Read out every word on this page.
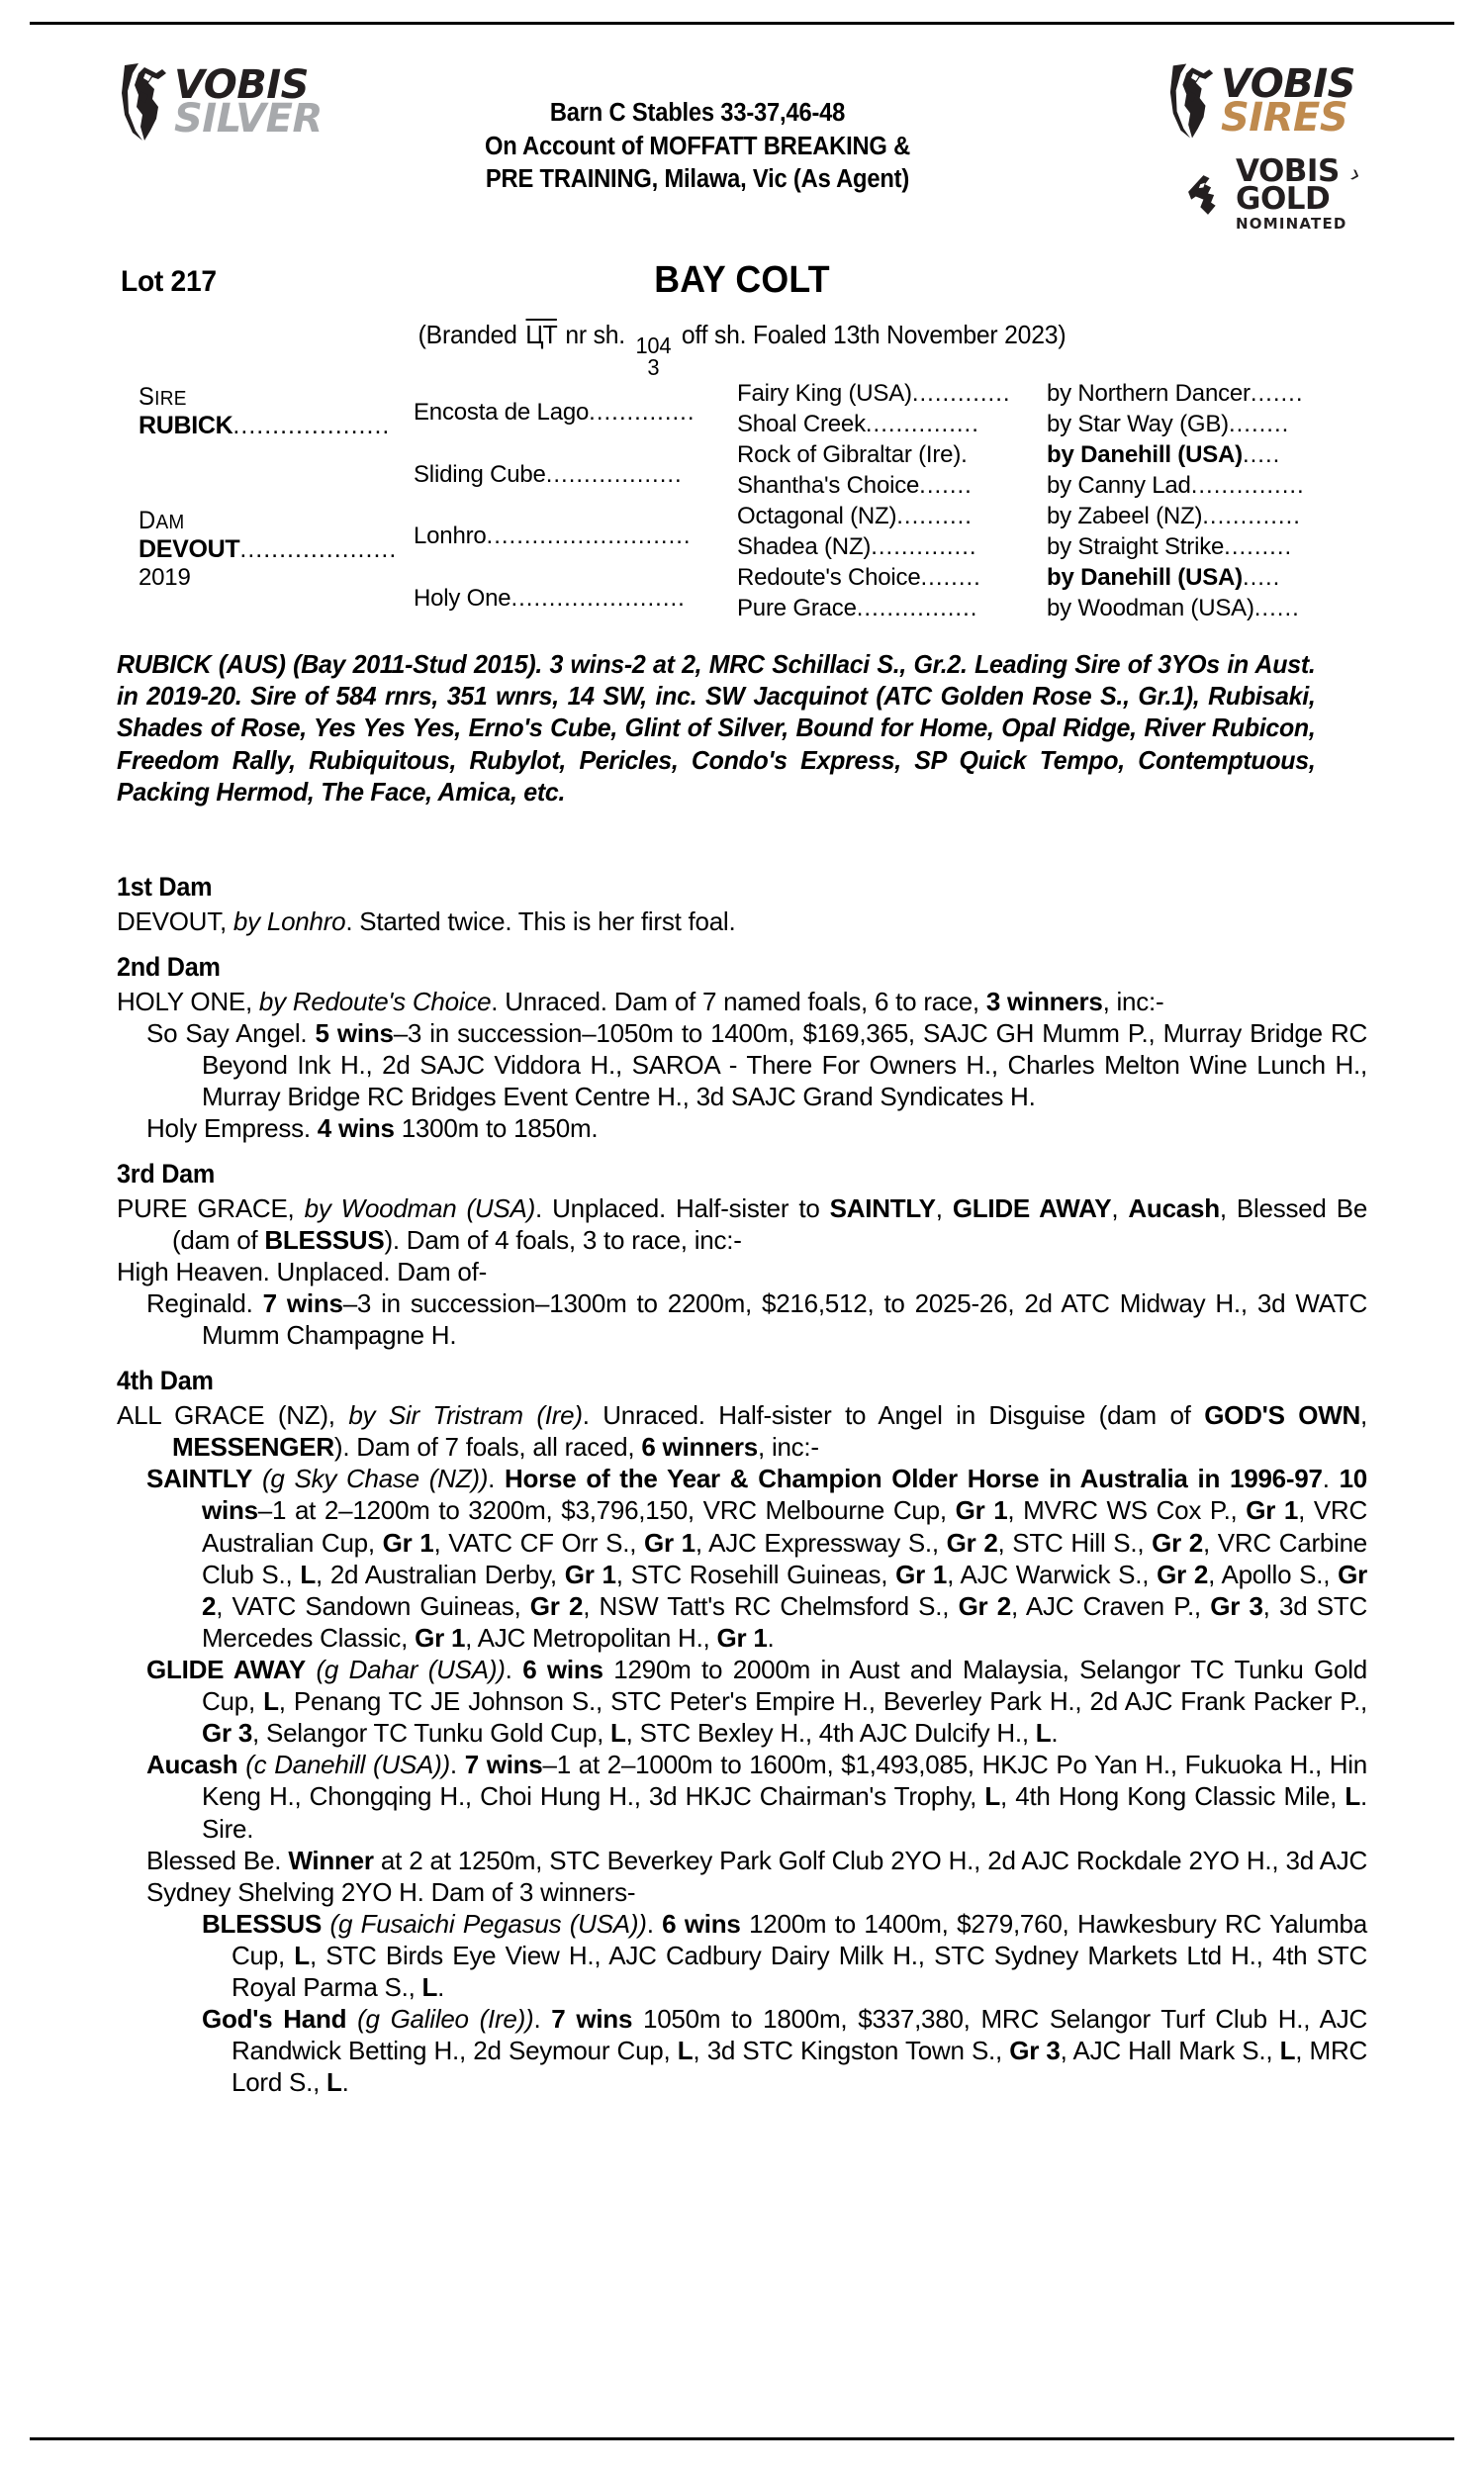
VOBIS
SILVER	Barn C Stables 33-37,46-48
On Account of MOFFATT BREAKING &
PRE TRAINING, Milawa, Vic (As Agent)
VOBIS
SIRES
VOBIS
GOLD
NOMINATED
›
Lot 217	BAY COLT
(Branded ЦT nr sh. 104
3
off sh. Foaled 13th November 2023)
SIRE
RUBICK....................
DAM
DEVOUT....................
2019
Encosta de Lago..............
Sliding Cube..................
Lonhro...........................
Holy One.......................
Fairy King (USA).............
Shoal Creek...............
Rock of Gibraltar (Ire).
Shantha's Choice.......
Octagonal (NZ)..........
Shadea (NZ)..............
Redoute's Choice........
Pure Grace................
by Northern Dancer.......
by Star Way (GB)........
by Danehill (USA).....
by Canny Lad...............
by Zabeel (NZ).............
by Straight Strike.........
by Danehill (USA).....
by Woodman (USA)......
RUBICK (AUS) (Bay 2011-Stud 2015). 3 wins-2 at 2, MRC Schillaci S., Gr.2. Leading Sire of 3YOs in Aust. in 2019-20. Sire of 584 rnrs, 351 wnrs, 14 SW, inc. SW Jacquinot (ATC Golden Rose S., Gr.1), Rubisaki, Shades of Rose, Yes Yes Yes, Erno's Cube, Glint of Silver, Bound for Home, Opal Ridge, River Rubicon, Freedom Rally, Rubiquitous, Rubylot, Pericles, Condo's Express, SP Quick Tempo, Contemptuous, Packing Hermod, The Face, Amica, etc.
1st Dam

DEVOUT, by Lonhro. Started twice. This is her first foal.

2nd Dam

HOLY ONE, by Redoute's Choice. Unraced. Dam of 7 named foals, 6 to race, 3 winners, inc:-

So Say Angel. 5 wins–3 in succession–1050m to 1400m, $169,365, SAJC GH Mumm P., Murray Bridge RC Beyond Ink H., 2d SAJC Viddora H., SAROA - There For Owners H., Charles Melton Wine Lunch H., Murray Bridge RC Bridges Event Centre H., 3d SAJC Grand Syndicates H.

Holy Empress. 4 wins 1300m to 1850m.

3rd Dam

PURE GRACE, by Woodman (USA). Unplaced. Half-sister to SAINTLY, GLIDE AWAY, Aucash, Blessed Be (dam of BLESSUS). Dam of 4 foals, 3 to race, inc:-

High Heaven. Unplaced. Dam of-

Reginald. 7 wins–3 in succession–1300m to 2200m, $216,512, to 2025-26, 2d ATC Midway H., 3d WATC Mumm Champagne H.

4th Dam

ALL GRACE (NZ), by Sir Tristram (Ire). Unraced. Half-sister to Angel in Disguise (dam of GOD'S OWN, MESSENGER). Dam of 7 foals, all raced, 6 winners, inc:-

SAINTLY (g Sky Chase (NZ)). Horse of the Year & Champion Older Horse in Australia in 1996-97. 10 wins–1 at 2–1200m to 3200m, $3,796,150, VRC Melbourne Cup, Gr 1, MVRC WS Cox P., Gr 1, VRC Australian Cup, Gr 1, VATC CF Orr S., Gr 1, AJC Expressway S., Gr 2, STC Hill S., Gr 2, VRC Carbine Club S., L, 2d Australian Derby, Gr 1, STC Rosehill Guineas, Gr 1, AJC Warwick S., Gr 2, Apollo S., Gr 2, VATC Sandown Guineas, Gr 2, NSW Tatt's RC Chelmsford S., Gr 2, AJC Craven P., Gr 3, 3d STC Mercedes Classic, Gr 1, AJC Metropolitan H., Gr 1.

GLIDE AWAY (g Dahar (USA)). 6 wins 1290m to 2000m in Aust and Malaysia, Selangor TC Tunku Gold Cup, L, Penang TC JE Johnson S., STC Peter's Empire H., Beverley Park H., 2d AJC Frank Packer P., Gr 3, Selangor TC Tunku Gold Cup, L, STC Bexley H., 4th AJC Dulcify H., L.

Aucash (c Danehill (USA)). 7 wins–1 at 2–1000m to 1600m, $1,493,085, HKJC Po Yan H., Fukuoka H., Hin Keng H., Chongqing H., Choi Hung H., 3d HKJC Chairman's Trophy, L, 4th Hong Kong Classic Mile, L. Sire.

Blessed Be. Winner at 2 at 1250m, STC Beverkey Park Golf Club 2YO H., 2d AJC Rockdale 2YO H., 3d AJC Sydney Shelving 2YO H. Dam of 3 winners-

BLESSUS (g Fusaichi Pegasus (USA)). 6 wins 1200m to 1400m, $279,760, Hawkesbury RC Yalumba Cup, L, STC Birds Eye View H., AJC Cadbury Dairy Milk H., STC Sydney Markets Ltd H., 4th STC Royal Parma S., L.

God's Hand (g Galileo (Ire)). 7 wins 1050m to 1800m, $337,380, MRC Selangor Turf Club H., AJC Randwick Betting H., 2d Seymour Cup, L, 3d STC Kingston Town S., Gr 3, AJC Hall Mark S., L, MRC Lord S., L.
